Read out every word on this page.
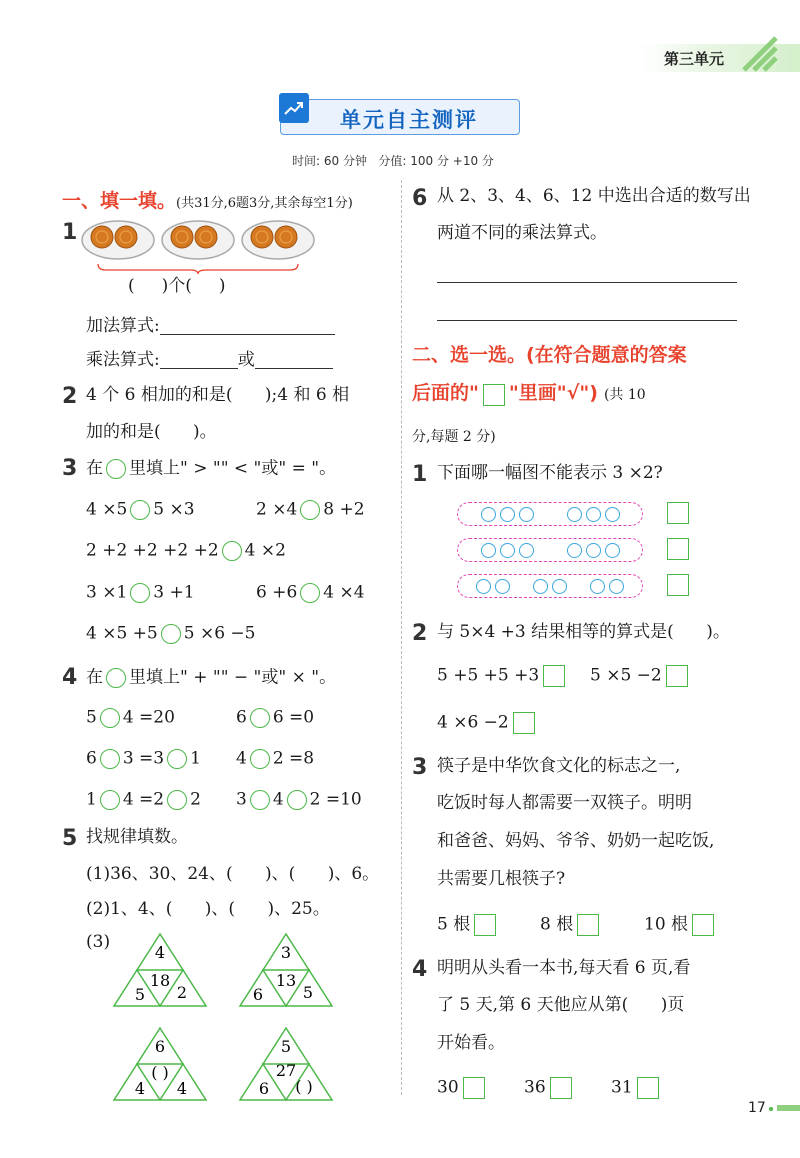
第三单元
单元自主测评
时间: 60 分钟   分值: 100 分 +10 分
一、填一填。(共31分,6题3分,其余每空1分)
1
(     )个(     )
加法算式:
乘法算式:	或
2 4 个 6 相加的和是(      );4 和 6 相
加的和是(      )。
3 在 里填上" > "" < "或" = "。
4 ×5 5 ×3	2 ×4 8 +2
2 +2 +2 +2 +2 4 ×2
3 ×1 3 +1	6 +6 4 ×4
4 ×5 +5 5 ×6 −5
4 在 里填上" + "" − "或" × "。
5 4 =20	6 6 =0
6 3 =3 1 4 2 =8
1 4 =2 2 3 4 2 =10
5 找规律填数。
(1)36、30、24、(      )、(      )、6。
(2)1、4、(      )、(      )、25。
(3)
4
18
5 2
3
13
6 5
6
( )
4 4
5
27
6 ( )
6 从 2、3、4、6、12 中选出合适的数写出
两道不同的乘法算式。
二、选一选。(在符合题意的答案
后面的" "里画"√") (共 10
分,每题 2 分)
1 下面哪一幅图不能表示 3 ×2?
2 与 5×4 +3 结果相等的算式是(      )。
5 +5 +5 +3	5 ×5 −2
4 ×6 −2
3 筷子是中华饮食文化的标志之一,
吃饭时每人都需要一双筷子。明明
和爸爸、妈妈、爷爷、奶奶一起吃饭,
共需要几根筷子?
5 根	8 根	10 根
4 明明从头看一本书,每天看 6 页,看
了 5 天,第 6 天他应从第(      )页
开始看。
30	36	31
17
